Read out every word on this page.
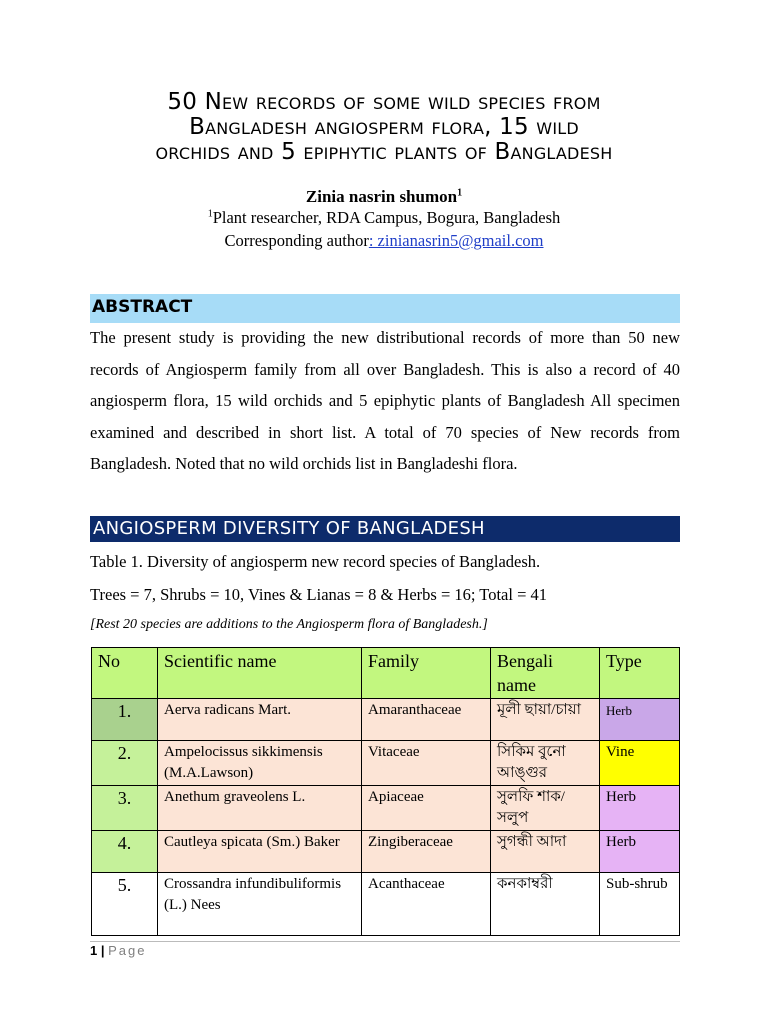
50 New records of some wild species from
Bangladesh angiosperm flora, 15 wild
orchids and 5 epiphytic plants of Bangladesh
Zinia nasrin shumon$^1$
$^1$Plant researcher, RDA Campus, Bogura, Bangladesh
Corresponding author: zinianasrin5@gmail.com
ABSTRACT
The present study is providing the new distributional records of more than 50 new records of Angiosperm family from all over Bangladesh. This is also a record of 40 angiosperm flora, 15 wild orchids and 5 epiphytic plants of Bangladesh All specimen examined and described in short list. A total of 70 species of New records from Bangladesh. Noted that no wild orchids list in Bangladeshi flora.
ANGIOSPERM DIVERSITY OF BANGLADESH
Table 1. Diversity of angiosperm new record species of Bangladesh.
Trees = 7, Shrubs = 10, Vines & Lianas = 8 & Herbs = 16; Total = 41
[Rest 20 species are additions to the Angiosperm flora of Bangladesh.]
No	Scientific name	Family	Bengali name	Type
1.	Aerva radicans Mart.	Amaranthaceae	মূলী ছায়া/চায়া	Herb
2.	Ampelocissus sikkimensis (M.A.Lawson)	Vitaceae	সিকিম বুনো আঙ্গুর	Vine
3.	Anethum graveolens L.	Apiaceae	সুলফি শাক/সলুপ	Herb
4.	Cautleya spicata (Sm.) Baker	Zingiberaceae	সুগন্ধী আদা	Herb
5.	Crossandra infundibuliformis (L.) Nees	Acanthaceae	কনকাম্বরী	Sub-shrub
1 | Page
